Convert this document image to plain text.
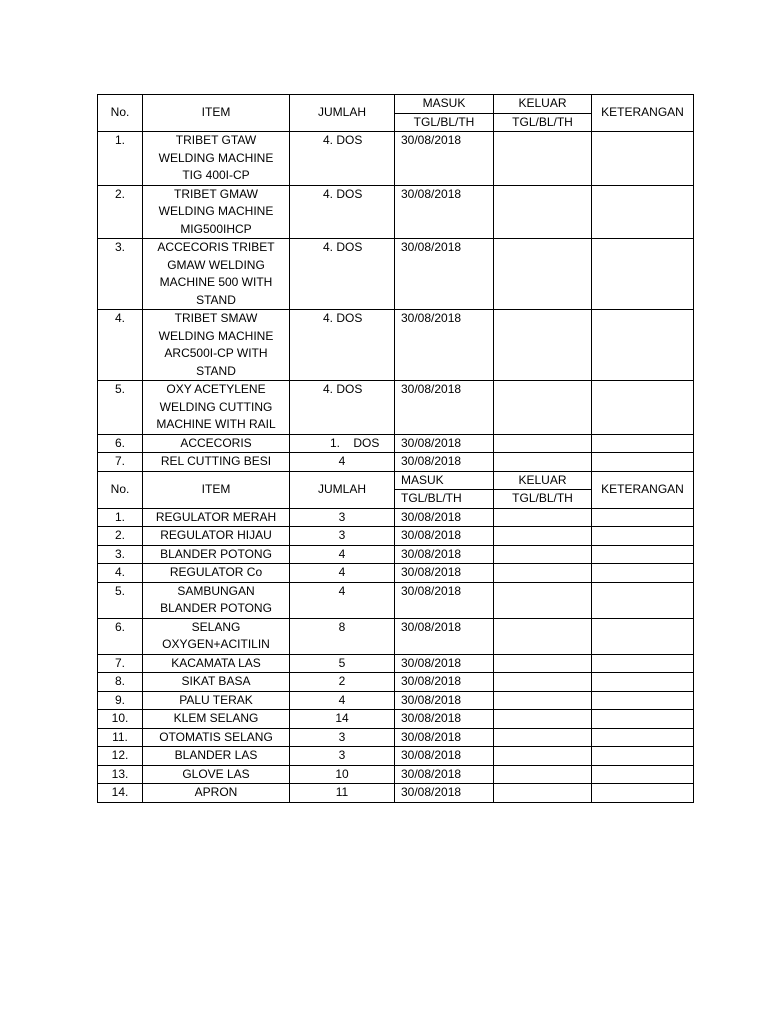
No.	ITEM	JUMLAH	MASUK	KELUAR	KETERANGAN
			TGL/BL/TH	TGL/BL/TH	
1.	TRIBET GTAW WELDING MACHINE TIG 400I-CP	4. DOS	30/08/2018		
2.	TRIBET GMAW WELDING MACHINE MIG500IHCP	4. DOS	30/08/2018		
3.	ACCECORIS TRIBET GMAW WELDING MACHINE 500 WITH STAND	4. DOS	30/08/2018		
4.	TRIBET SMAW WELDING MACHINE ARC500I-CP WITH STAND	4. DOS	30/08/2018		
5.	OXY ACETYLENE WELDING CUTTING MACHINE WITH RAIL	4. DOS	30/08/2018		
6.	ACCECORIS	1.    DOS	30/08/2018		
7.	REL CUTTING BESI	4	30/08/2018		
No.	ITEM	JUMLAH	MASUK	KELUAR	KETERANGAN
			TGL/BL/TH	TGL/BL/TH	
1.	REGULATOR MERAH	3	30/08/2018		
2.	REGULATOR HIJAU	3	30/08/2018		
3.	BLANDER POTONG	4	30/08/2018		
4.	REGULATOR Co	4	30/08/2018		
5.	SAMBUNGAN BLANDER POTONG	4	30/08/2018		
6.	SELANG OXYGEN+ACITILIN	8	30/08/2018		
7.	KACAMATA LAS	5	30/08/2018		
8.	SIKAT BASA	2	30/08/2018		
9.	PALU TERAK	4	30/08/2018		
10.	KLEM SELANG	14	30/08/2018		
11.	OTOMATIS SELANG	3	30/08/2018		
12.	BLANDER LAS	3	30/08/2018		
13.	GLOVE LAS	10	30/08/2018		
14.	APRON	11	30/08/2018		
